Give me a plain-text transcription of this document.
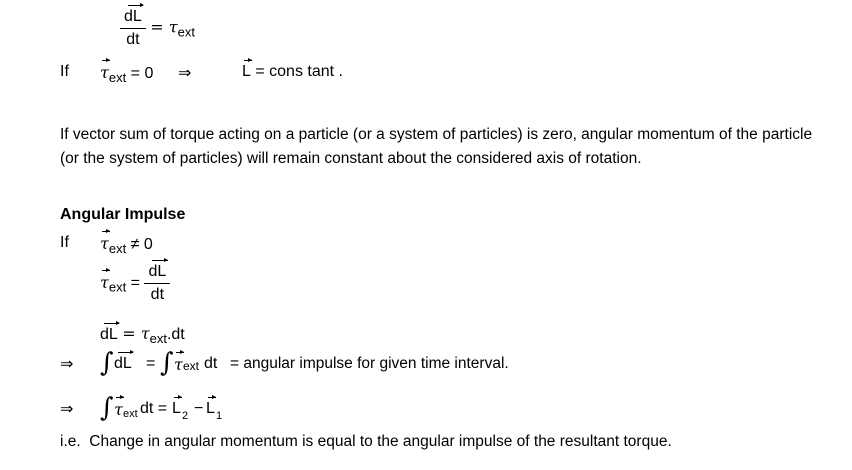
$\frac{dL}{dt} = \tau_{ext}$
If $\tau_{ext} = 0$ ⇒	L = cons tant .
If vector sum of torque acting on a particle (or a system of particles) is zero, angular momentum of the particle (or the system of particles) will remain constant about the considered axis of rotation.
Angular Impulse
If $\tau_{ext} \ne 0$
$\tau_{ext} = \frac{dL}{dt}$
dL = $\tau_{ext}.dt$
⇒ ∫ dL = ∫ τ ext dt = angular impulse for given time interval.
⇒ ∫ τ ext dt = L 2 − L 1
i.e.  Change in angular momentum is equal to the angular impulse of the resultant torque.
